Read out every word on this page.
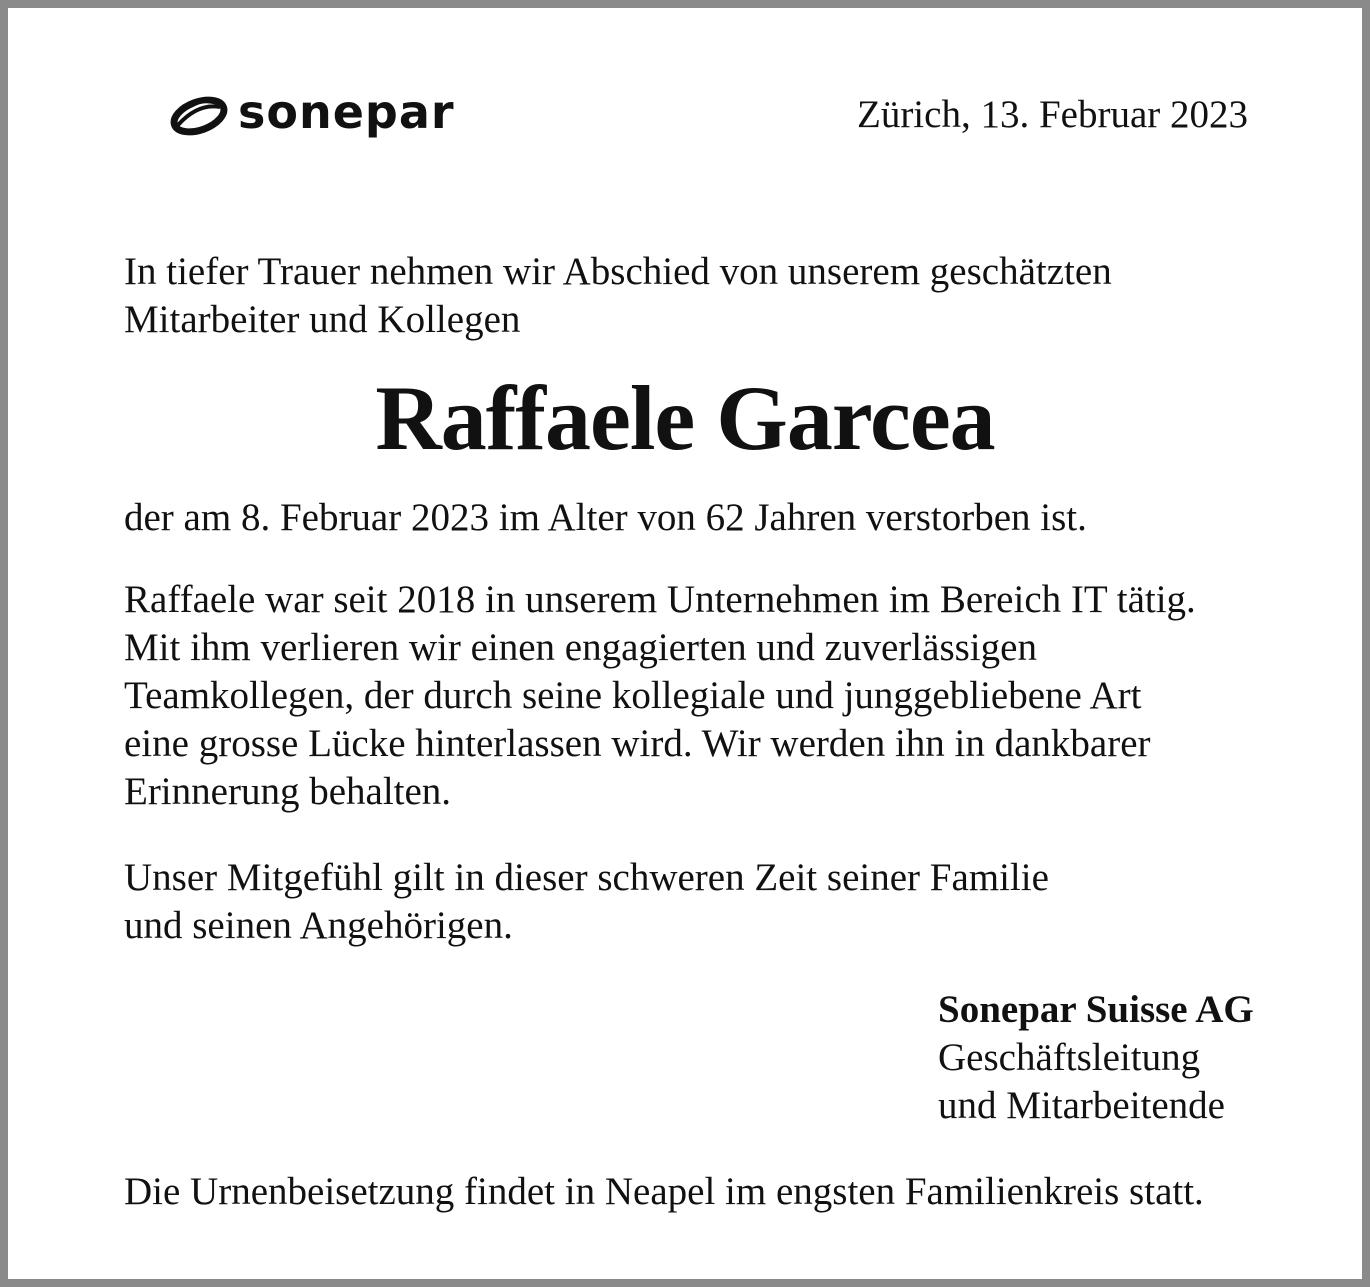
sonepar	Zürich, 13. Februar 2023
In tiefer Trauer nehmen wir Abschied von unserem geschätzten
Mitarbeiter und Kollegen
Raffaele Garcea
der am 8. Februar 2023 im Alter von 62 Jahren verstorben ist.
Raffaele war seit 2018 in unserem Unternehmen im Bereich IT tätig.
Mit ihm verlieren wir einen engagierten und zuverlässigen
Teamkollegen, der durch seine kollegiale und junggebliebene Art
eine grosse Lücke hinterlassen wird. Wir werden ihn in dankbarer
Erinnerung behalten.
Unser Mitgefühl gilt in dieser schweren Zeit seiner Familie
und seinen Angehörigen.
Sonepar Suisse AG
Geschäftsleitung
und Mitarbeitende
Die Urnenbeisetzung findet in Neapel im engsten Familienkreis statt.
